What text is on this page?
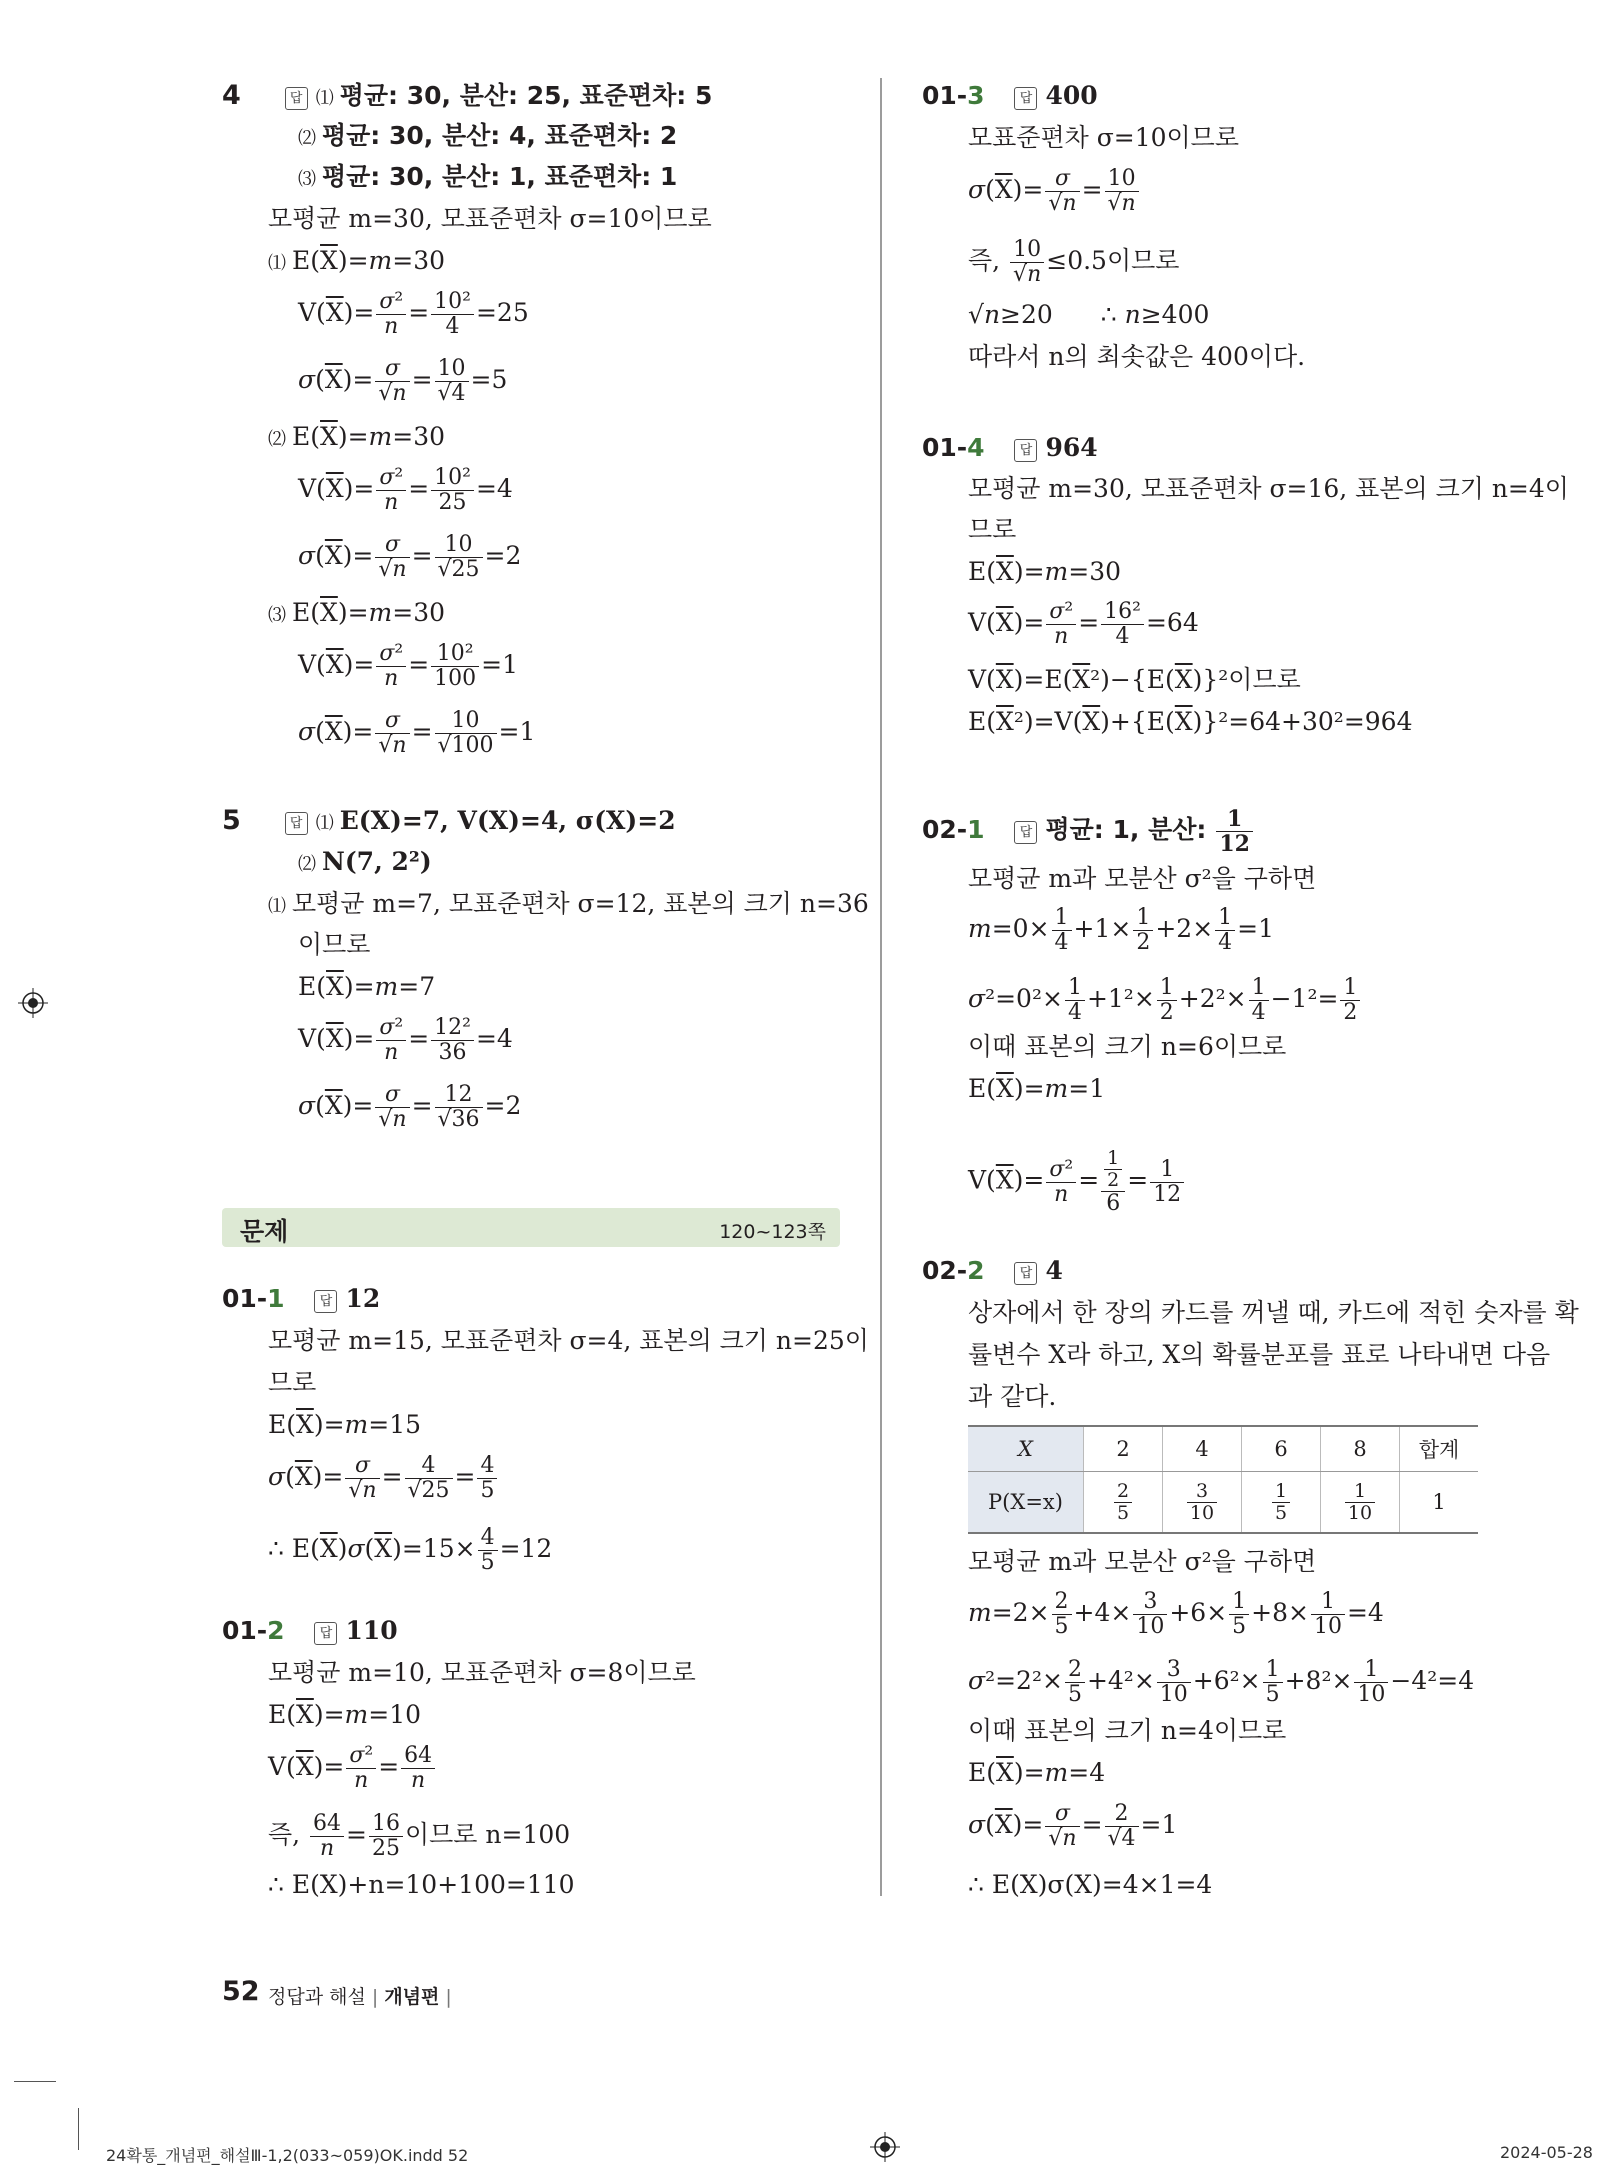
4	답 ⑴ 평균: 30, 분산: 25, 표준편차: 5
⑵ 평균: 30, 분산: 4, 표준편차: 2
⑶ 평균: 30, 분산: 1, 표준편차: 1
모평균 m=30, 모표준편차 σ=10이므로
⑴ $E(\overline{X})=m=30$
$V(\overline{X})= \frac{\text{σ²}}{n} = \frac{\text{10²}}{4} =25$
$\sigma(\overline{X})= \frac{\sigma}{√n} = \frac{10}{√4} =5$
⑵ $E(\overline{X})=m=30$
$V(\overline{X})= \frac{\text{σ²}}{n} = \frac{\text{10²}}{25} =4$
$\sigma(\overline{X})= \frac{\sigma}{√n} = \frac{10}{√25} =2$
⑶ $E(\overline{X})=m=30$
$V(\overline{X})= \frac{\text{σ²}}{n} = \frac{\text{10²}}{100} =1$
$\sigma(\overline{X})= \frac{\sigma}{√n} = \frac{10}{√100} =1$
5	답 ⑴ E(X)=7, V(X)=4, σ(X)=2
⑵ N(7, 2²)
⑴ 모평균 m=7, 모표준편차 σ=12, 표본의 크기 n=36
이므로
$E(\overline{X})=m=7$
$V(\overline{X})= \frac{\text{σ²}}{n} = \frac{\text{12²}}{36} =4$
$\sigma(\overline{X})= \frac{\sigma}{√n} = \frac{12}{√36} =2$
문제	120~123쪽
01-1	답 12
모평균 m=15, 모표준편차 σ=4, 표본의 크기 n=25이
므로
$E(\overline{X})=m=15$
$\sigma(\overline{X})= \frac{\sigma}{√n} = \frac{4}{√25} = \frac{4}{5}$
∴ $E(\overline{X})\sigma(\overline{X})=15\times \frac{4}{5} =12$
01-2	답 110
모평균 m=10, 모표준편차 σ=8이므로
$E(\overline{X})=m=10$
$V(\overline{X})= \frac{\text{σ²}}{n} = \frac{64}{n}$
즉, $\frac{64}{n} = \frac{16}{25}$ 이므로 n=100
∴ E(X)+n=10+100=110
01-3	답 400
모표준편차 σ=10이므로
$\sigma(\overline{X})= \frac{\sigma}{√n} = \frac{10}{√n}$
즉, $\frac{10}{√n} \le 0.5$이므로
√n≥20 ∴ n≥400
따라서 n의 최솟값은 400이다.
01-4	답 964
모평균 m=30, 모표준편차 σ=16, 표본의 크기 n=4이
므로
$E(\overline{X})=m=30$
$V(\overline{X})= \frac{\text{σ²}}{n} = \frac{\text{16²}}{4} =64$
$V(\overline{X})=E(\overline{X}^2)-\{E(\overline{X})\}^2$이므로
$E(\overline{X}^2)=V(\overline{X})+\{E(\overline{X})\}^2=64+30^2=964$
02-1	답 평균: 1, 분산: $\frac{1}{12}$
모평균 m과 모분산 σ²을 구하면
$m=0\times \frac{1}{4} +1\times \frac{1}{2} +2\times \frac{1}{4} =1$
$\sigma^2=0^2\times \frac{1}{4} +1^2\times \frac{1}{2} +2^2\times \frac{1}{4} -1^2= \frac{1}{2}$
이때 표본의 크기 n=6이므로
$E(\overline{X})=m=1$
$V(\overline{X})= \frac{\text{σ²}}{n} = \frac{\frac{1}{2}}{6} = \frac{1}{12}$
02-2	답 4
상자에서 한 장의 카드를 꺼낼 때, 카드에 적힌 숫자를 확
률변수 X라 하고, X의 확률분포를 표로 나타내면 다음
과 같다.
X	2	4	6	8	합계
P(X=x)	$\frac{2}{5}$	$\frac{3}{10}$	$\frac{1}{5}$	$\frac{1}{10}$	1
모평균 m과 모분산 σ²을 구하면
$m=2\times \frac{2}{5} +4\times \frac{3}{10} +6\times \frac{1}{5} +8\times \frac{1}{10} =4$
$\sigma^2=2^2\times \frac{2}{5} +4^2\times \frac{3}{10} +6^2\times \frac{1}{5} +8^2\times \frac{1}{10} -4^2=4$
이때 표본의 크기 n=4이므로
$E(\overline{X})=m=4$
$\sigma(\overline{X})= \frac{\sigma}{√n} = \frac{2}{√4} =1$
∴ E(X)σ(X)=4×1=4
52 정답과 해설 | 개념편 |
24확통_개념편_해설Ⅲ-1,2(033~059)OK.indd 52	2024-05-28
